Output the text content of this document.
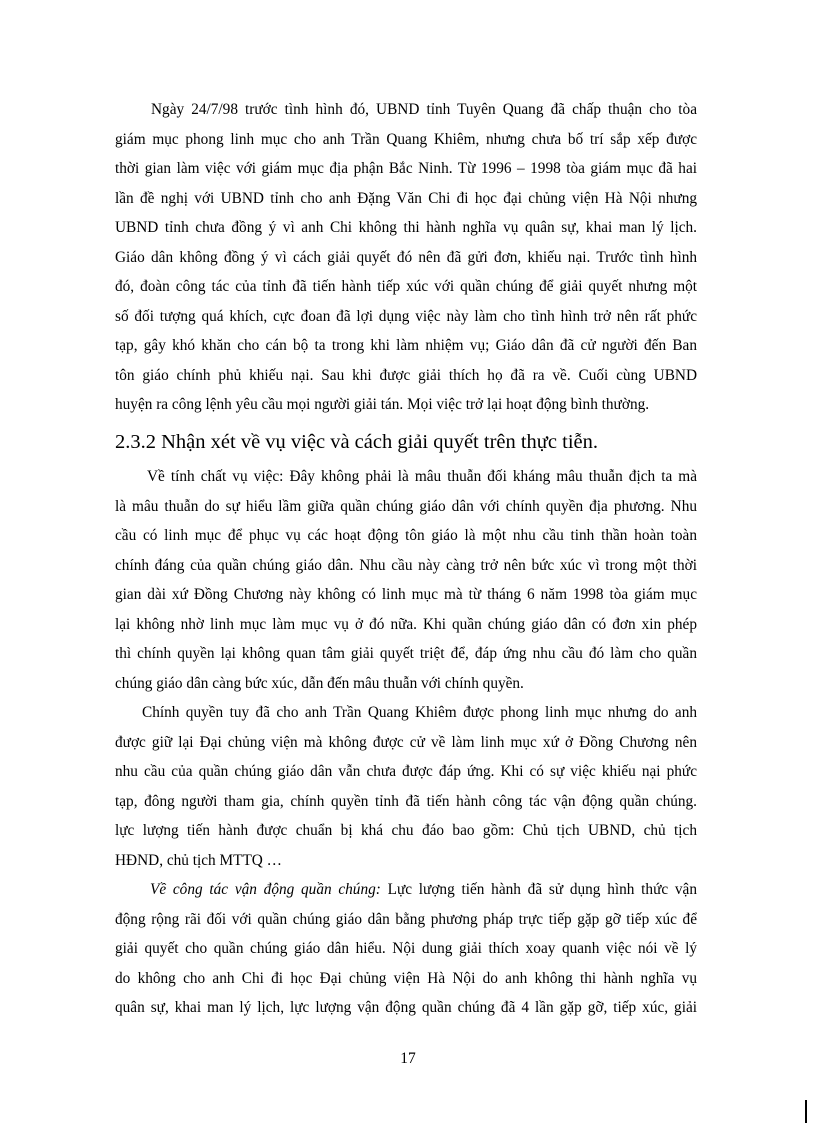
Ngày 24/7/98 trước tình hình đó, UBND tỉnh Tuyên Quang đã chấp thuận cho tòa
giám mục phong linh mục cho anh Trần Quang Khiêm, nhưng chưa bố trí sắp xếp được
thời gian làm việc với giám mục địa phận Bắc Ninh. Từ 1996 – 1998 tòa giám mục đã hai
lần đề nghị với UBND tỉnh cho anh Đặng Văn Chi đi học đại chủng viện Hà Nội nhưng
UBND tỉnh chưa đồng ý vì anh Chi không thi hành nghĩa vụ quân sự, khai man lý lịch.
Giáo dân không đồng ý vì cách giải quyết đó nên đã gửi đơn, khiếu nại. Trước tình hình
đó, đoàn công tác của tỉnh đã tiến hành tiếp xúc với quần chúng để giải quyết nhưng một
số đối tượng quá khích, cực đoan đã lợi dụng việc này làm cho tình hình trở nên rất phức
tạp, gây khó khăn cho cán bộ ta trong khi làm nhiệm vụ; Giáo dân đã cử người đến Ban
tôn giáo chính phủ khiếu nại. Sau khi được giải thích họ đã ra về. Cuối cùng UBND
huyện ra công lệnh yêu cầu mọi người giải tán. Mọi việc trở lại hoạt động bình thường.
2.3.2 Nhận xét về vụ việc và cách giải quyết trên thực tiễn.
Về tính chất vụ việc: Đây không phải là mâu thuẫn đối kháng mâu thuẫn địch ta mà
là mâu thuẫn do sự hiểu lầm giữa quần chúng giáo dân với chính quyền địa phương. Nhu
cầu có linh mục để phục vụ các hoạt động tôn giáo là một nhu cầu tinh thần hoàn toàn
chính đáng của quần chúng giáo dân. Nhu cầu này càng trở nên bức xúc vì trong một thời
gian dài xứ Đồng Chương này không có linh mục mà từ tháng 6 năm 1998 tòa giám mục
lại không nhờ linh mục làm mục vụ ở đó nữa. Khi quần chúng giáo dân có đơn xin phép
thì chính quyền lại không quan tâm giải quyết triệt để, đáp ứng nhu cầu đó làm cho quần
chúng giáo dân càng bức xúc, dẫn đến mâu thuẫn với chính quyền.
Chính quyền tuy đã cho anh Trần Quang Khiêm được phong linh mục nhưng do anh
được giữ lại Đại chủng viện mà không được cử về làm linh mục xứ ở Đồng Chương nên
nhu cầu của quần chúng giáo dân vẫn chưa được đáp ứng. Khi có sự việc khiếu nại phức
tạp, đông người tham gia, chính quyền tỉnh đã tiến hành công tác vận động quần chúng.
lực lượng tiến hành được chuẩn bị khá chu đáo bao gồm: Chủ tịch UBND, chủ tịch
HĐND, chủ tịch MTTQ …
Về công tác vận động quần chúng: Lực lượng tiến hành đã sử dụng hình thức vận
động rộng rãi đối với quần chúng giáo dân bằng phương pháp trực tiếp gặp gỡ tiếp xúc để
giải quyết cho quần chúng giáo dân hiểu. Nội dung giải thích xoay quanh việc nói về lý
do không cho anh Chi đi học Đại chủng viện Hà Nội do anh không thi hành nghĩa vụ
quân sự, khai man lý lịch, lực lượng vận động quần chúng đã 4 lần gặp gỡ, tiếp xúc, giải
17
